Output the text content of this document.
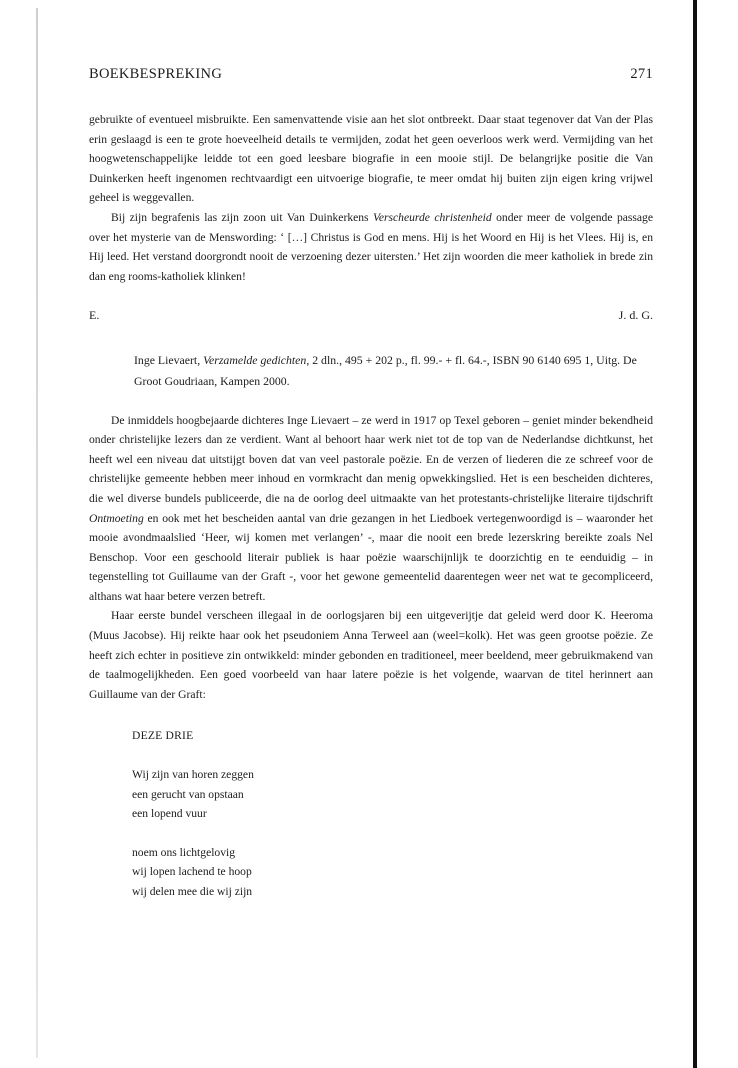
BOEKBESPREKING	271

gebruikte of eventueel misbruikte. Een samenvattende visie aan het slot ontbreekt. Daar staat tegenover dat Van der Plas erin geslaagd is een te grote hoeveelheid details te vermijden, zodat het geen oeverloos werk werd. Vermijding van het hoogwetenschappelijke leidde tot een goed leesbare biografie in een mooie stijl. De belangrijke positie die Van Duinkerken heeft ingenomen rechtvaardigt een uitvoerige biografie, te meer omdat hij buiten zijn eigen kring vrijwel geheel is weggevallen.

Bij zijn begrafenis las zijn zoon uit Van Duinkerkens Verscheurde christenheid onder meer de volgende passage over het mysterie van de Menswording: ‘ […] Christus is God en mens. Hij is het Woord en Hij is het Vlees. Hij is, en Hij leed. Het verstand doorgrondt nooit de verzoening dezer uitersten.’ Het zijn woorden die meer katholiek in brede zin dan eng rooms-katholiek klinken!

E.	J. d. G.

Inge Lievaert, Verzamelde gedichten, 2 dln., 495 + 202 p., fl. 99.- + fl. 64.-, ISBN 90 6140 695 1, Uitg. De Groot Goudriaan, Kampen 2000.

De inmiddels hoogbejaarde dichteres Inge Lievaert – ze werd in 1917 op Texel geboren – geniet minder bekendheid onder christelijke lezers dan ze verdient. Want al behoort haar werk niet tot de top van de Nederlandse dichtkunst, het heeft wel een niveau dat uitstijgt boven dat van veel pastorale poëzie. En de verzen of liederen die ze schreef voor de christelijke gemeente hebben meer inhoud en vormkracht dan menig opwekkingslied. Het is een bescheiden dichteres, die wel diverse bundels publiceerde, die na de oorlog deel uitmaakte van het protestants-christelijke literaire tijdschrift Ontmoeting en ook met het bescheiden aantal van drie gezangen in het Liedboek vertegenwoordigd is – waaronder het mooie avondmaalslied ‘Heer, wij komen met verlangen’ -, maar die nooit een brede lezerskring bereikte zoals Nel Benschop. Voor een geschoold literair publiek is haar poëzie waarschijnlijk te doorzichtig en te eenduidig – in tegenstelling tot Guillaume van der Graft -, voor het gewone gemeentelid daarentegen weer net wat te gecompliceerd, althans wat haar betere verzen betreft.

Haar eerste bundel verscheen illegaal in de oorlogsjaren bij een uitgeverijtje dat geleid werd door K. Heeroma (Muus Jacobse). Hij reikte haar ook het pseudoniem Anna Terweel aan (weel=kolk). Het was geen grootse poëzie. Ze heeft zich echter in positieve zin ontwikkeld: minder gebonden en traditioneel, meer beeldend, meer gebruikmakend van de taalmogelijkheden. Een goed voorbeeld van haar latere poëzie is het volgende, waarvan de titel herinnert aan Guillaume van der Graft:

DEZE DRIE
Wij zijn van horen zeggen
een gerucht van opstaan
een lopend vuur
noem ons lichtgelovig
wij lopen lachend te hoop
wij delen mee die wij zijn
